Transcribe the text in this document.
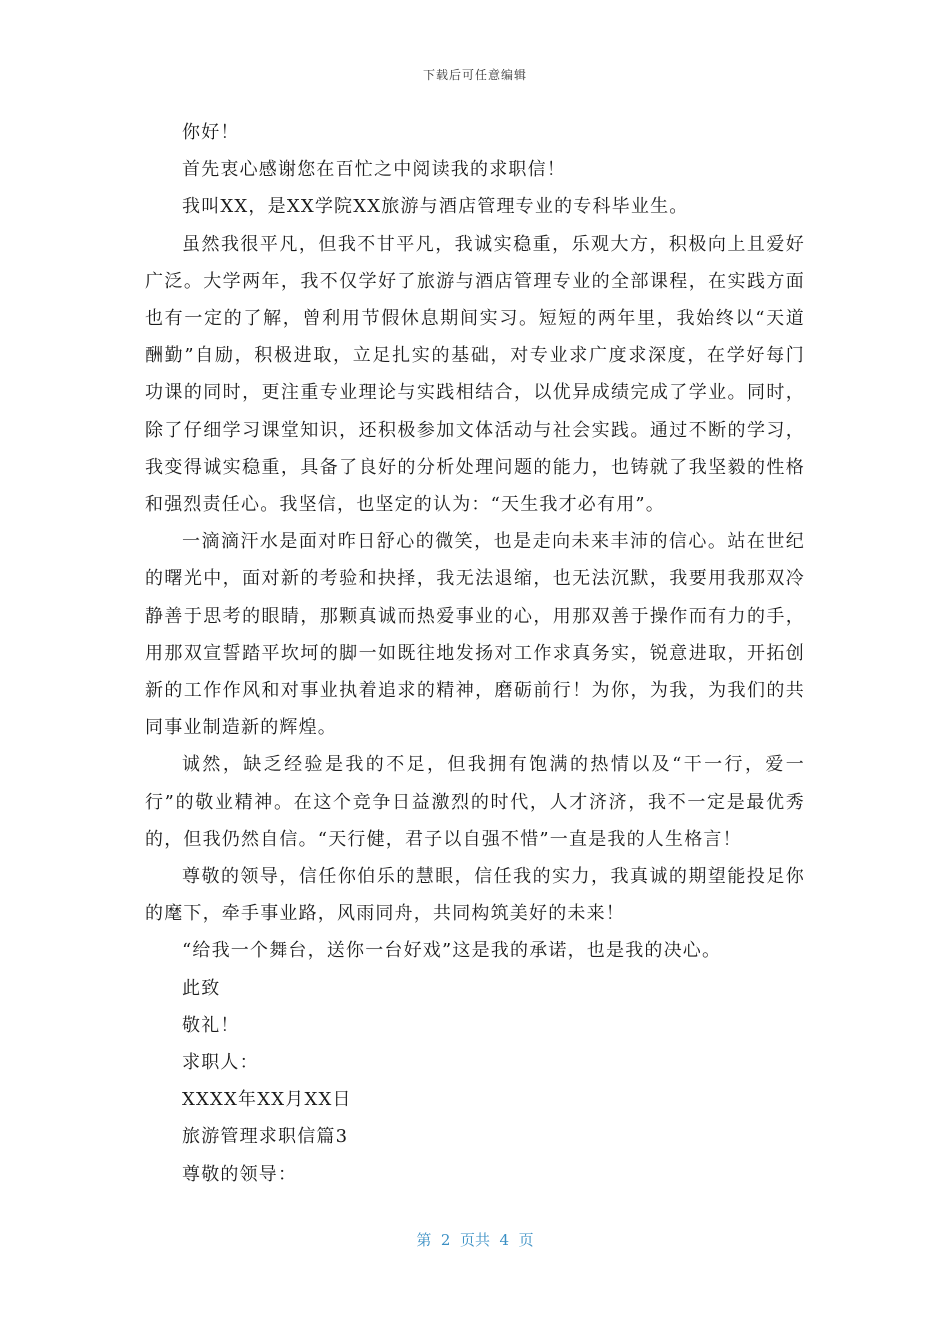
下载后可任意编辑

你好！

首先衷心感谢您在百忙之中阅读我的求职信！

我叫XX，是XX学院XX旅游与酒店管理专业的专科毕业生。

虽然我很平凡，但我不甘平凡，我诚实稳重，乐观大方，积极向上且爱好广泛。大学两年，我不仅学好了旅游与酒店管理专业的全部课程，在实践方面也有一定的了解，曾利用节假休息期间实习。短短的两年里，我始终以“天道酬勤”自励，积极进取，立足扎实的基础，对专业求广度求深度，在学好每门功课的同时，更注重专业理论与实践相结合，以优异成绩完成了学业。同时，除了仔细学习课堂知识，还积极参加文体活动与社会实践。通过不断的学习，我变得诚实稳重，具备了良好的分析处理问题的能力，也铸就了我坚毅的性格和强烈责任心。我坚信，也坚定的认为：“天生我才必有用”。

一滴滴汗水是面对昨日舒心的微笑，也是走向未来丰沛的信心。站在世纪的曙光中，面对新的考验和抉择，我无法退缩，也无法沉默，我要用我那双冷静善于思考的眼睛，那颗真诚而热爱事业的心，用那双善于操作而有力的手，用那双宣誓踏平坎坷的脚一如既往地发扬对工作求真务实，锐意进取，开拓创新的工作作风和对事业执着追求的精神，磨砺前行！为你，为我，为我们的共同事业制造新的辉煌。

诚然，缺乏经验是我的不足，但我拥有饱满的热情以及“干一行，爱一行”的敬业精神。在这个竞争日益激烈的时代，人才济济，我不一定是最优秀的，但我仍然自信。“天行健，君子以自强不惜”一直是我的人生格言！

尊敬的领导，信任你伯乐的慧眼，信任我的实力，我真诚的期望能投足你的麾下，牵手事业路，风雨同舟，共同构筑美好的未来！

“给我一个舞台，送你一台好戏”这是我的承诺，也是我的决心。

此致

敬礼！

求职人：

XXXX年XX月XX日

旅游管理求职信篇3

尊敬的领导：

第  2  页共  4  页
